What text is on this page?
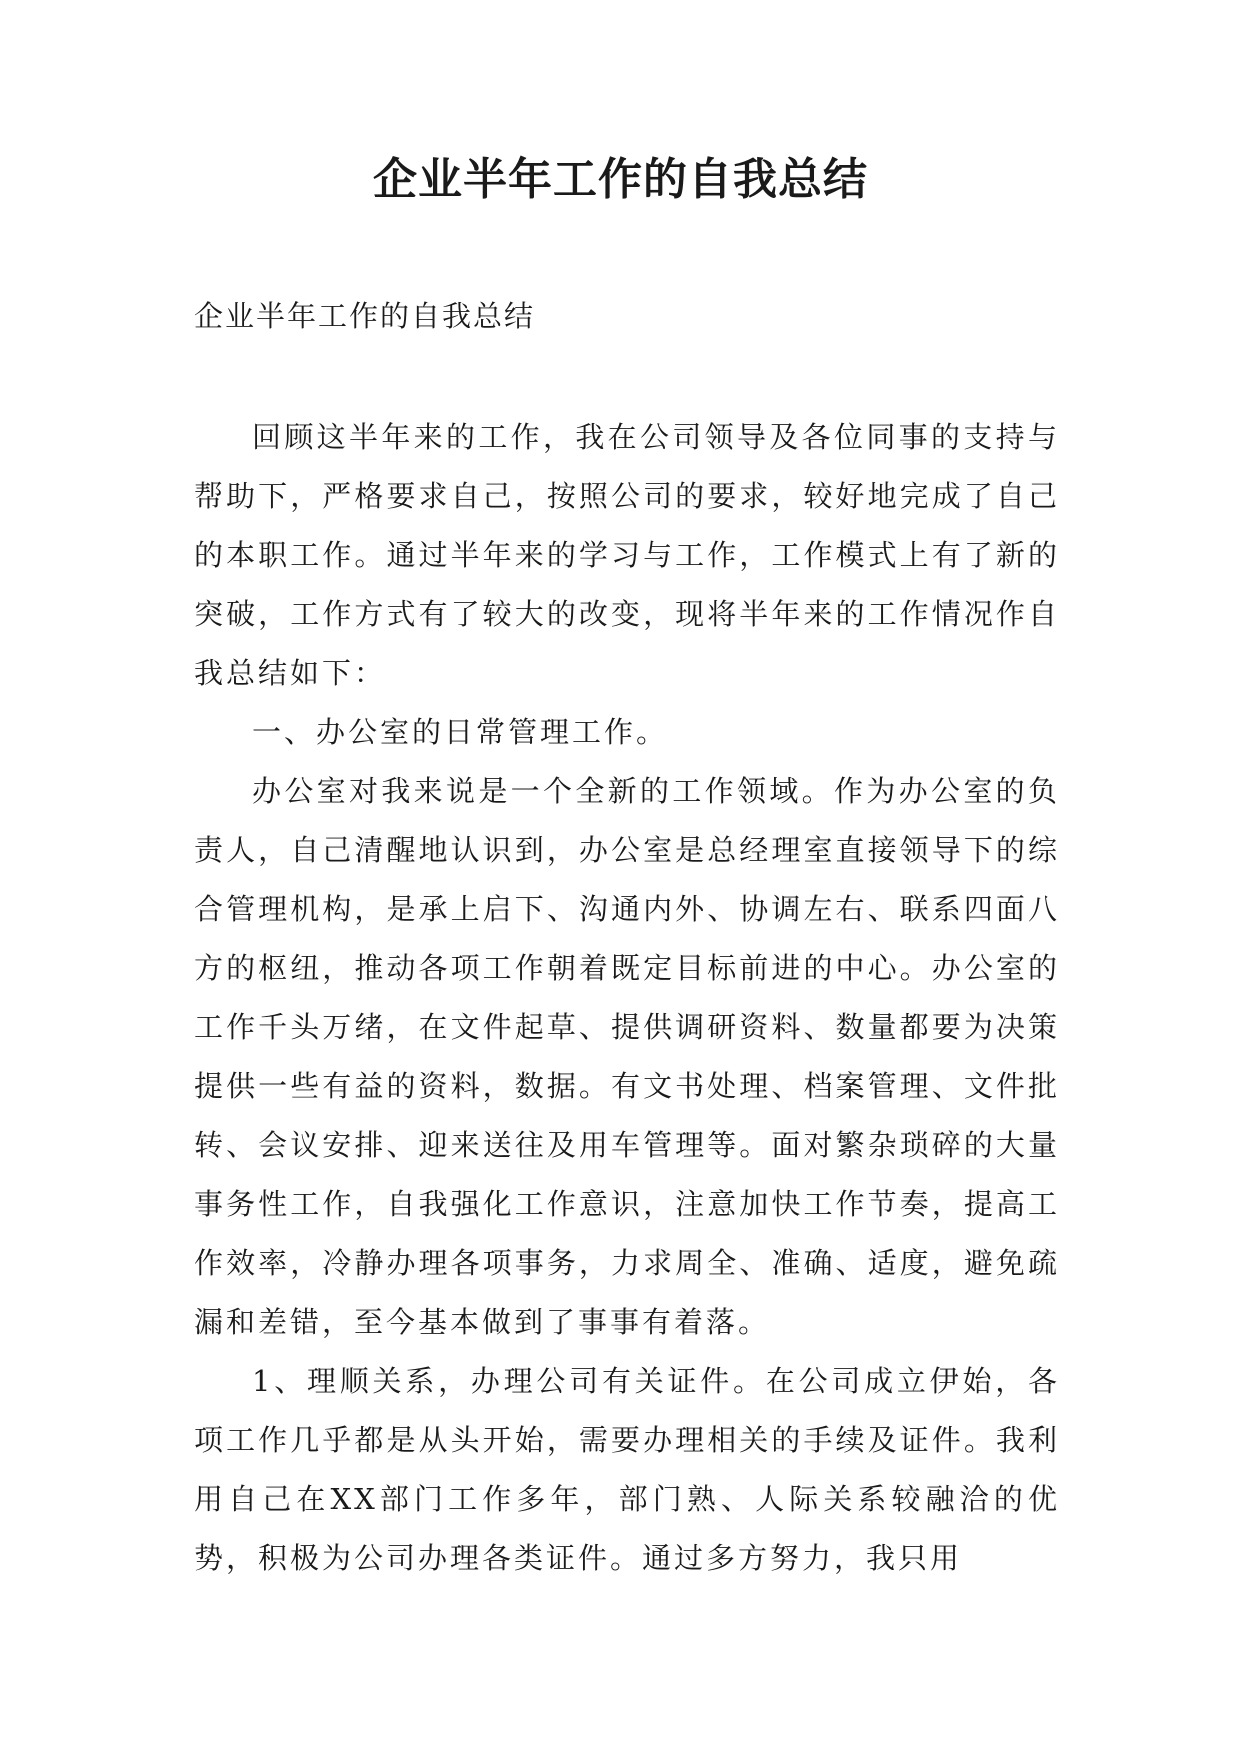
企业半年工作的自我总结
企业半年工作的自我总结

回顾这半年来的工作，我在公司领导及各位同事的支持与帮助下，严格要求自己，按照公司的要求，较好地完成了自己的本职工作。通过半年来的学习与工作，工作模式上有了新的突破，工作方式有了较大的改变，现将半年来的工作情况作自我总结如下：

一、办公室的日常管理工作。

办公室对我来说是一个全新的工作领域。作为办公室的负责人，自己清醒地认识到，办公室是总经理室直接领导下的综合管理机构，是承上启下、沟通内外、协调左右、联系四面八方的枢纽，推动各项工作朝着既定目标前进的中心。办公室的工作千头万绪，在文件起草、提供调研资料、数量都要为决策提供一些有益的资料，数据。有文书处理、档案管理、文件批转、会议安排、迎来送往及用车管理等。面对繁杂琐碎的大量事务性工作，自我强化工作意识，注意加快工作节奏，提高工作效率，冷静办理各项事务，力求周全、准确、适度，避免疏漏和差错，至今基本做到了事事有着落。

1、理顺关系，办理公司有关证件。在公司成立伊始，各项工作几乎都是从头开始，需要办理相关的手续及证件。我利用自己在XX部门工作多年，部门熟、人际关系较融洽的优势，积极为公司办理各类证件。通过多方努力，我只用
